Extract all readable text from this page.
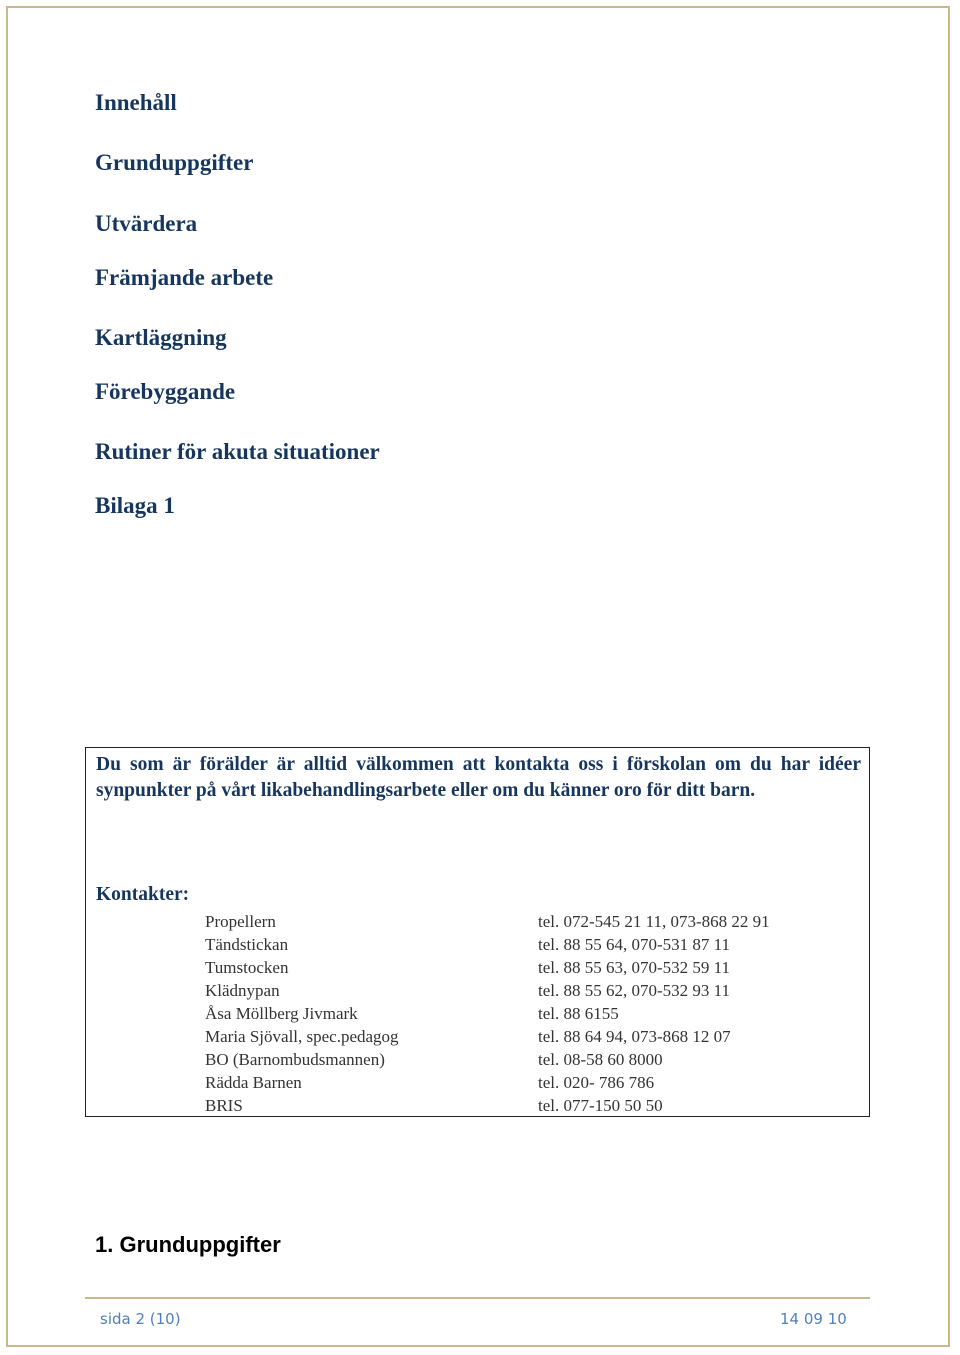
Innehåll

Grunduppgifter

Utvärdera

Främjande arbete

Kartläggning

Förebyggande

Rutiner för akuta situationer

Bilaga 1

Du som är förälder är alltid välkommen att kontakta oss i förskolan om du har idéer synpunkter på vårt likabehandlingsarbete eller om du känner oro för ditt barn.

Kontakter:

Propellern	tel. 072-545 21 11, 073-868 22 91
Tändstickan	tel. 88 55 64, 070-531 87 11
Tumstocken	tel. 88 55 63, 070-532 59 11
Klädnypan	tel. 88 55 62, 070-532 93 11
Åsa Möllberg Jivmark	tel. 88 6155
Maria Sjövall, spec.pedagog	tel. 88 64 94, 073-868 12 07
BO (Barnombudsmannen)	tel. 08-58 60 8000
Rädda Barnen	tel. 020- 786 786
BRIS	tel. 077-150 50 50

1. Grunduppgifter

sida 2 (10)	14 09 10
